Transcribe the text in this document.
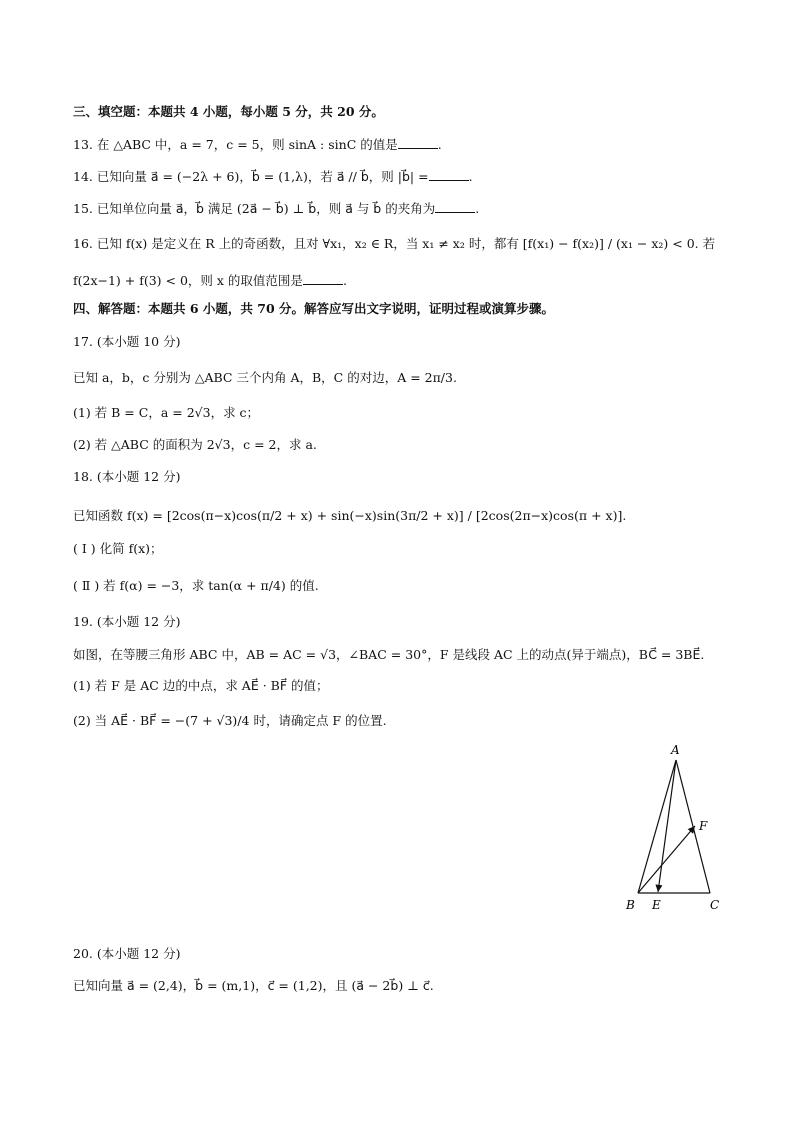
三、填空题：本题共 4 小题，每小题 5 分，共 20 分。
13. 在 △ABC 中，a = 7，c = 5，则 sinA : sinC 的值是	.
14. 已知向量 a⃗ = (−2λ + 6)，b⃗ = (1,λ)，若 a⃗ // b⃗，则 |b⃗| =	.
15. 已知单位向量 a⃗，b⃗ 满足 (2a⃗ − b⃗) ⊥ b⃗，则 a⃗ 与 b⃗ 的夹角为	.
16. 已知 f(x) 是定义在 R 上的奇函数，且对 ∀x₁，x₂ ∈ R，当 x₁ ≠ x₂ 时，都有 [f(x₁) − f(x₂)] / (x₁ − x₂) < 0. 若
f(2x−1) + f(3) < 0，则 x 的取值范围是	.
四、解答题：本题共 6 小题，共 70 分。解答应写出文字说明，证明过程或演算步骤。
17. (本小题 10 分)
已知 a，b，c 分别为 △ABC 三个内角 A，B，C 的对边，A = 2π/3.
(1) 若 B = C，a = 2√3，求 c；
(2) 若 △ABC 的面积为 2√3，c = 2，求 a.
18. (本小题 12 分)
已知函数 f(x) = [2cos(π−x)cos(π/2 + x) + sin(−x)sin(3π/2 + x)] / [2cos(2π−x)cos(π + x)].
( Ⅰ ) 化简 f(x)；
( Ⅱ ) 若 f(α) = −3，求 tan(α + π/4) 的值.
19. (本小题 12 分)
如图，在等腰三角形 ABC 中，AB = AC = √3，∠BAC = 30°，F 是线段 AC 上的动点(异于端点)，BC⃗ = 3BE⃗.
(1) 若 F 是 AC 边的中点，求 AE⃗ · BF⃗ 的值；
(2) 当 AE⃗ · BF⃗ = −(7 + √3)/4 时，请确定点 F 的位置.
A
B	C
E
F
20. (本小题 12 分)
已知向量 a⃗ = (2,4)，b⃗ = (m,1)，c⃗ = (1,2)，且 (a⃗ − 2b⃗) ⊥ c⃗.
